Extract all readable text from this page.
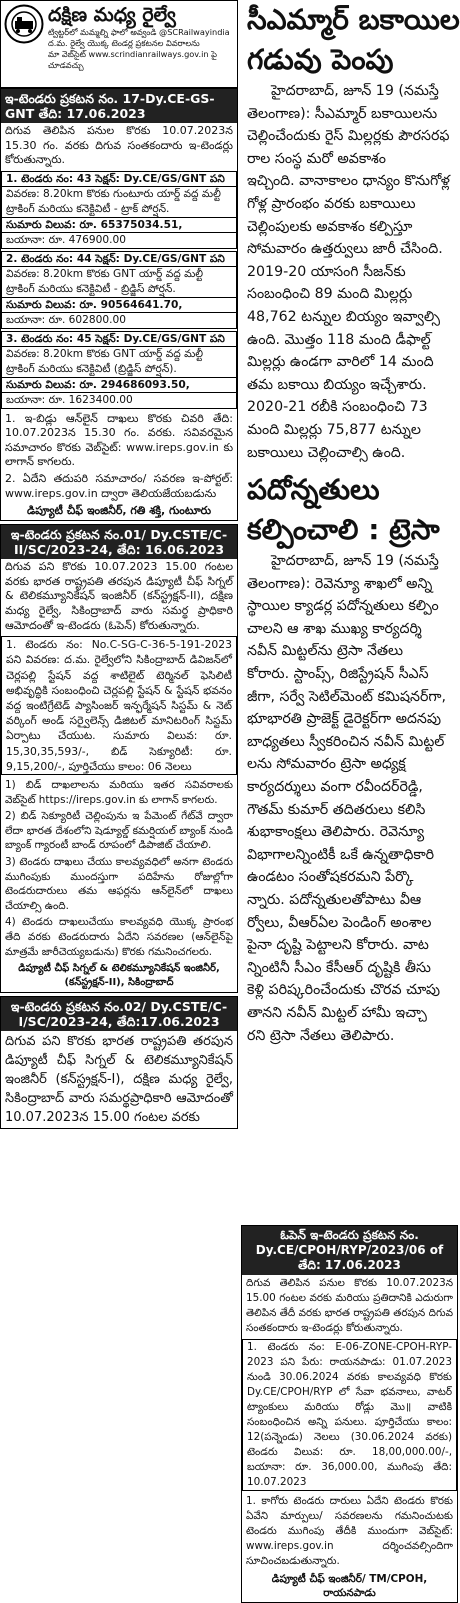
దక్షిణ మధ్య రైల్వే
ట్విట్టర్‌లో మమ్మల్ని ఫాలో అవ్వండి @SCRailwayindia
ద.మ. రైల్వే యొక్క టెండర్ల ప్రకటనల వివరాలను
మా వెబ్‌సైట్ www.scrindianrailways.gov.in పై చూడవచ్చు
ఇ-టెండరు ప్రకటన నం. 17-Dy.CE-GS-GNT తేది: 17.06.2023
దిగువ తెలిపిన పనుల కొరకు 10.07.2023న 15.30 గం. వరకు దిగువ సంతకందారు ఇ-టెండర్లు కోరుతున్నారు.
1. టెండరు నం: 43 సెక్షన్: Dy.CE/GS/GNT పని
వివరణ: 8.20km కొరకు గుంటూరు యార్డ్ వద్ద మల్టీ ట్రాకింగ్ మరియు కనెక్టివిటీ - ట్రాక్ పోర్షన్.
సుమారు విలువ: రూ. 65375034.51,
బయానా: రూ. 476900.00
2. టెండరు నం: 44 సెక్షన్: Dy.CE/GS/GNT పని
వివరణ: 8.20km కొరకు GNT యార్డ్ వద్ద మల్టీ ట్రాకింగ్ మరియు కనెక్టివిటీ - బ్రిడ్జిస్ పోర్షన్.
సుమారు విలువ: రూ. 90564641.70,
బయానా: రూ. 602800.00
3. టెండరు నం: 45 సెక్షన్: Dy.CE/GS/GNT పని
వివరణ: 8.20km కొరకు GNT యార్డ్ వద్ద మల్టీ ట్రాకింగ్ మరియు కనెక్టివిటీ (బ్రిడ్జిస్ పోర్షన్).
సుమారు విలువ: రూ. 294686093.50,
బయానా: రూ. 1623400.00
1. ఇ-బిడ్లు ఆన్‌లైన్ దాఖలు కొరకు చివరి తేది: 10.07.2023న 15.30 గం. వరకు. సవివరమైన సమాచారం కొరకు వెబ్‌సైట్: www.ireps.gov.in కు లాగాన్ కాగలరు.
2. ఏదేని తదుపరి సమాచారం/ సవరణ ఇ-పోర్టల్: www.ireps.gov.in ద్వారా తెలియజేయబడును
డిప్యూటీ చీఫ్ ఇంజినీర్, గతి శక్తి, గుంటూరు
ఇ-టెండరు ప్రకటన నం.01/ Dy.CSTE/C-II/SC/2023-24, తేది: 16.06.2023
దిగువ పని కొరకు 10.07.2023 15.00 గంటల వరకు భారత రాష్ట్రపతి తరపున డిప్యూటీ చీఫ్ సిగ్నల్ & టెలికమ్యూనికేషన్ ఇంజినీర్ (కన్‌స్ట్రక్షన్-II), దక్షిణ మధ్య రైల్వే, సికింద్రాబాద్ వారు సమర్థ ప్రాధికారి ఆమోదంతో ఇ-టెండరు (ఓపెన్) కోరుతున్నారు.
1. టెండరు నం: No.C-SG-C-36-5-191-2023 పని వివరణ: ద.మ. రైల్వేలోని సికింద్రాబాద్ డివిజన్‌లో చెర్లపల్లి స్టేషన్ వద్ద శాటిలైట్ టెర్మినల్ ఫెసిలిటీ అభివృద్ధికి సంబంధించి చెర్లపల్లి స్టేషన్ & స్టేషన్ భవనం వద్ద ఇంటిగ్రేటెడ్ ప్యాసింజర్ ఇన్ఫర్మేషన్ సిస్టమ్ & నెట్ వర్కింగ్ అండ్ సర్వైలెన్స్ డిజిటల్ మానిటరింగ్ సిస్టమ్ ఏర్పాటు చేయుట. సుమారు విలువ: రూ. 15,30,35,593/-, బిడ్ సెక్యూరిటీ: రూ. 9,15,200/-, పూర్తిచేయు కాలం: 06 నెలలు
1) బిడ్ దాఖలాలను మరియు ఇతర సవివరాలకు వెబ్‌సైట్ https://ireps.gov.in కు లాగాన్ కాగలరు.
2) బిడ్ సెక్యూరిటీ చెల్లింపును ఇ పేమెంట్ గేట్‌వే ద్వారా లేదా భారత దేశంలోని షెడ్యూల్డ్ కమర్షియల్ బ్యాంక్ నుండి బ్యాంక్ గ్యారంటీ బాండ్ రూపంలో డిపాజిట్ చేయాలి.
3) టెండరు దాఖలు చేయు కాలవ్యవధిలో అనగా టెండరు ముగింపుకు ముందస్తుగా పదిహేను రోజుల్లోగా టెండరుదారులు తమ ఆఫర్లను ఆన్‌లైన్‌లో దాఖలు చేయాల్సి ఉంది.
4) టెండరు దాఖలుచేయు కాలవ్యవధి యొక్క ప్రారంభ తేది వరకు టెండరుదారు ఏదేని సవరణల (ఆన్‌లైన్‌పై మాత్రమే జారీచెయ్యబడును) కొరకు గమనించగలరు.
డిప్యూటీ చీఫ్ సిగ్నల్ & టెలికమ్యూనికేషన్ ఇంజినీర్, (కన్‌స్ట్రక్షన్-II), సికింద్రాబాద్
ఇ-టెండరు ప్రకటన నం.02/ Dy.CSTE/C-I/SC/2023-24, తేది:17.06.2023
దిగువ పని కొరకు భారత రాష్ట్రపతి తరపున డిప్యూటీ చీఫ్ సిగ్నల్ & టెలికమ్యూనికేషన్ ఇంజినీర్ (కన్‌స్ట్రక్షన్-I), దక్షిణ మధ్య రైల్వే, సికింద్రాబాద్ వారు సమర్థప్రాధికారి ఆమోదంతో 10.07.2023న 15.00 గంటల వరకు
సీఎమ్మార్ బకాయిల
గడువు పెంపు
హైదరాబాద్, జూన్ 19 (నమస్తే
తెలంగాణ): సీఎమ్మార్ బకాయిలను
చెల్లించేందుకు రైస్ మిల్లర్లకు పౌరసరఫ
రాల సంస్థ మరో అవకాశం
ఇచ్చింది. వానాకాలం ధాన్యం కొనుగోళ్ల
గోళ్ల ప్రారంభం వరకు బకాయిలు
చెల్లింపులకు అవకాశం కల్పిస్తూ
సోమవారం ఉత్తర్వులు జారీ చేసింది.
2019-20 యాసంగి సీజన్‌కు
సంబంధించి 89 మంది మిల్లర్లు
48,762 టన్నుల బియ్యం ఇవ్వాల్సి
ఉంది. మొత్తం 118 మంది డీఫాల్ట్
మిల్లర్లు ఉండగా వారిలో 14 మంది
తమ బకాయి బియ్యం ఇచ్చేశారు.
2020-21 రబీకి సంబంధించి 73
మంది మిల్లర్లు 75,877 టన్నుల
బకాయిలు చెల్లించాల్సి ఉంది.
పదోన్నతులు
కల్పించాలి : ట్రెసా
హైదరాబాద్, జూన్ 19 (నమస్తే
తెలంగాణ): రెవెన్యూ శాఖలో అన్ని
స్థాయిల క్యాడర్ల పదోన్నతులు కల్పిం
చాలని ఆ శాఖ ముఖ్య కార్యదర్శి
నవీన్ మిట్టల్‌ను ట్రెసా నేతలు
కోరారు. స్టాంప్స్, రిజిస్ట్రేషన్ సీఎస్
జీగా, సర్వే సెటిల్‌మెంట్ కమిషనర్‌గా,
భూభారతి ప్రాజెక్ట్ డైరెక్టర్‌గా అదనపు
బాధ్యతలు స్వీకరించిన నవీన్ మిట్టల్
లను సోమవారం ట్రెసా అధ్యక్ష
కార్యదర్శులు వంగా రవీందర్‌రెడ్డి,
గౌతమ్ కుమార్ తదితరులు కలిసి
శుభాకాంక్షలు తెలిపారు. రెవెన్యూ
విభాగాలన్నింటికీ ఒకే ఉన్నతాధికారి
ఉండటం సంతోషకరమని పేర్కొ
న్నారు. పదోన్నతులతోపాటు వీఆ
ర్వోలు, వీఆర్‌ఏల పెండింగ్ అంశాల
పైనా దృష్టి పెట్టాలని కోరారు. వాట
న్నింటినీ సీఎం కేసీఆర్ దృష్టికి తీసు
కెళ్లి పరిష్కరించేందుకు చొరవ చూపు
తానని నవీన్ మిట్టల్ హామీ ఇచ్చా
రని ట్రెసా నేతలు తెలిపారు.
ఓపెన్ ఇ-టెండరు ప్రకటన నం. Dy.CE/CPOH/RYP/2023/06 of తేది: 17.06.2023
దిగువ తెలిపిన పనుల కొరకు 10.07.2023న 15.00 గంటల వరకు మరియు ప్రతిదానికి ఎదురుగా తెలిపిన తేదీ వరకు భారత రాష్ట్రపతి తరపున దిగువ సంతకందారు ఇ-టెండర్లు కోరుతున్నారు.
1. టెండరు నం: E-06-ZONE-CPOH-RYP-2023 పని పేరు: రాయనపాడు: 01.07.2023 నుండి 30.06.2024 వరకు కాలవ్యవధి కొరకు Dy.CE/CPOH/RYP లో సేవా భవనాలు, వాటర్ ట్యాంకులు మరియు రోడ్లు మొ॥ వాటికి సంబంధించిన అన్ని పనులు. పూర్తిచేయు కాలం: 12(పన్నెండు) నెలలు (30.06.2024 వరకు) టెండరు విలువ: రూ. 18,00,000.00/-, బయానా: రూ. 36,000.00, ముగింపు తేది: 10.07.2023
1. కాగోరు టెండరు దారులు ఏదేని టెండరు కొరకు ఏవేని మార్పులు/ సవరణలను గమనించుటకు టెండరు ముగింపు తేదీకి ముందుగా వెబ్‌సైట్: www.ireps.gov.in దర్శించవల్సిందిగా సూచించబడుతున్నారు.
డిప్యూటీ చీఫ్ ఇంజినీర్/ TM/CPOH, రాయనపాడు
